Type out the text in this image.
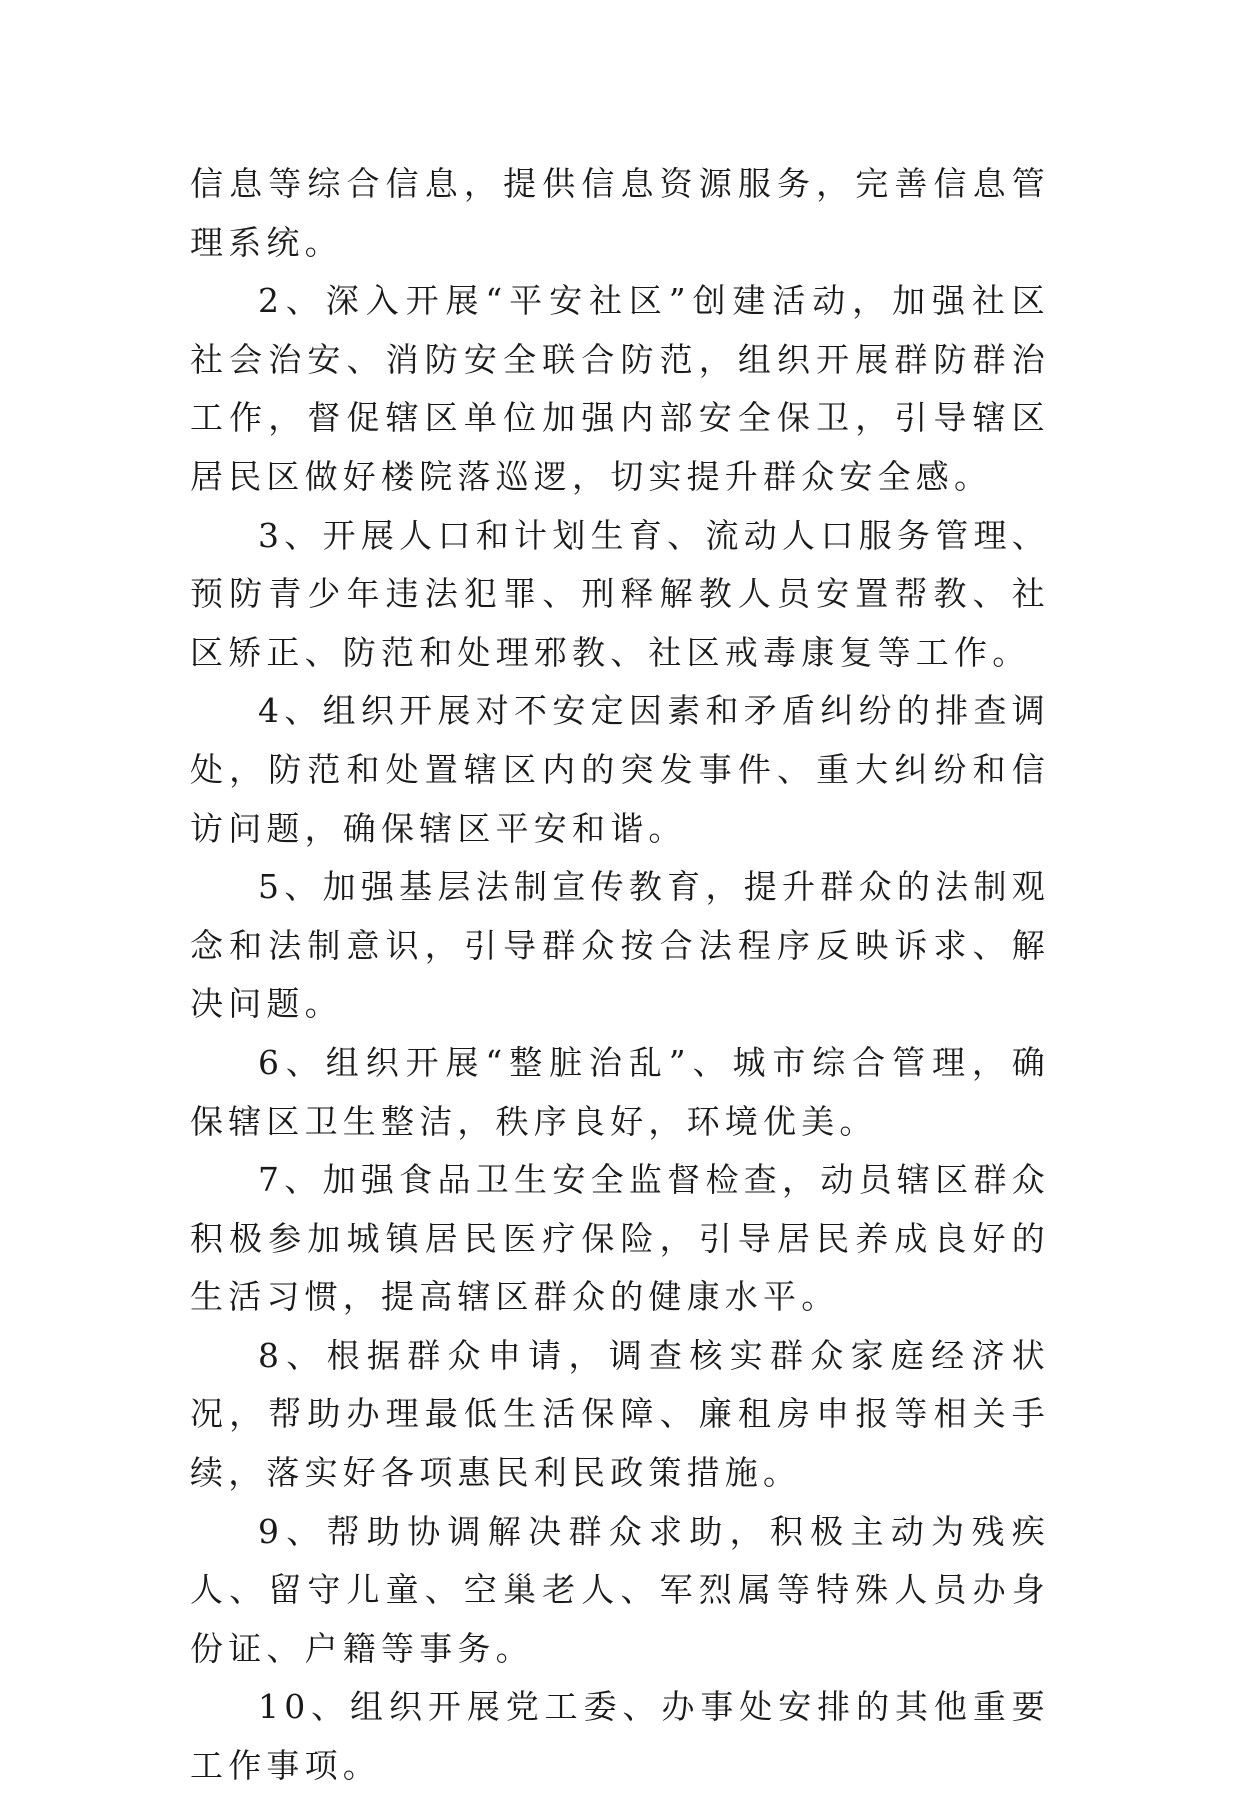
信息等综合信息，提供信息资源服务，完善信息管理系统。

2、深入开展“平安社区”创建活动，加强社区社会治安、消防安全联合防范，组织开展群防群治工作，督促辖区单位加强内部安全保卫，引导辖区居民区做好楼院落巡逻，切实提升群众安全感。

3、开展人口和计划生育、流动人口服务管理、预防青少年违法犯罪、刑释解教人员安置帮教、社区矫正、防范和处理邪教、社区戒毒康复等工作。

4、组织开展对不安定因素和矛盾纠纷的排查调处，防范和处置辖区内的突发事件、重大纠纷和信访问题，确保辖区平安和谐。

5、加强基层法制宣传教育，提升群众的法制观念和法制意识，引导群众按合法程序反映诉求、解决问题。

6、组织开展“整脏治乱”、城市综合管理，确保辖区卫生整洁，秩序良好，环境优美。

7、加强食品卫生安全监督检查，动员辖区群众积极参加城镇居民医疗保险，引导居民养成良好的生活习惯，提高辖区群众的健康水平。

8、根据群众申请，调查核实群众家庭经济状况，帮助办理最低生活保障、廉租房申报等相关手续，落实好各项惠民利民政策措施。

9、帮助协调解决群众求助，积极主动为残疾人、留守儿童、空巢老人、军烈属等特殊人员办身份证、户籍等事务。

10、组织开展党工委、办事处安排的其他重要工作事项。
